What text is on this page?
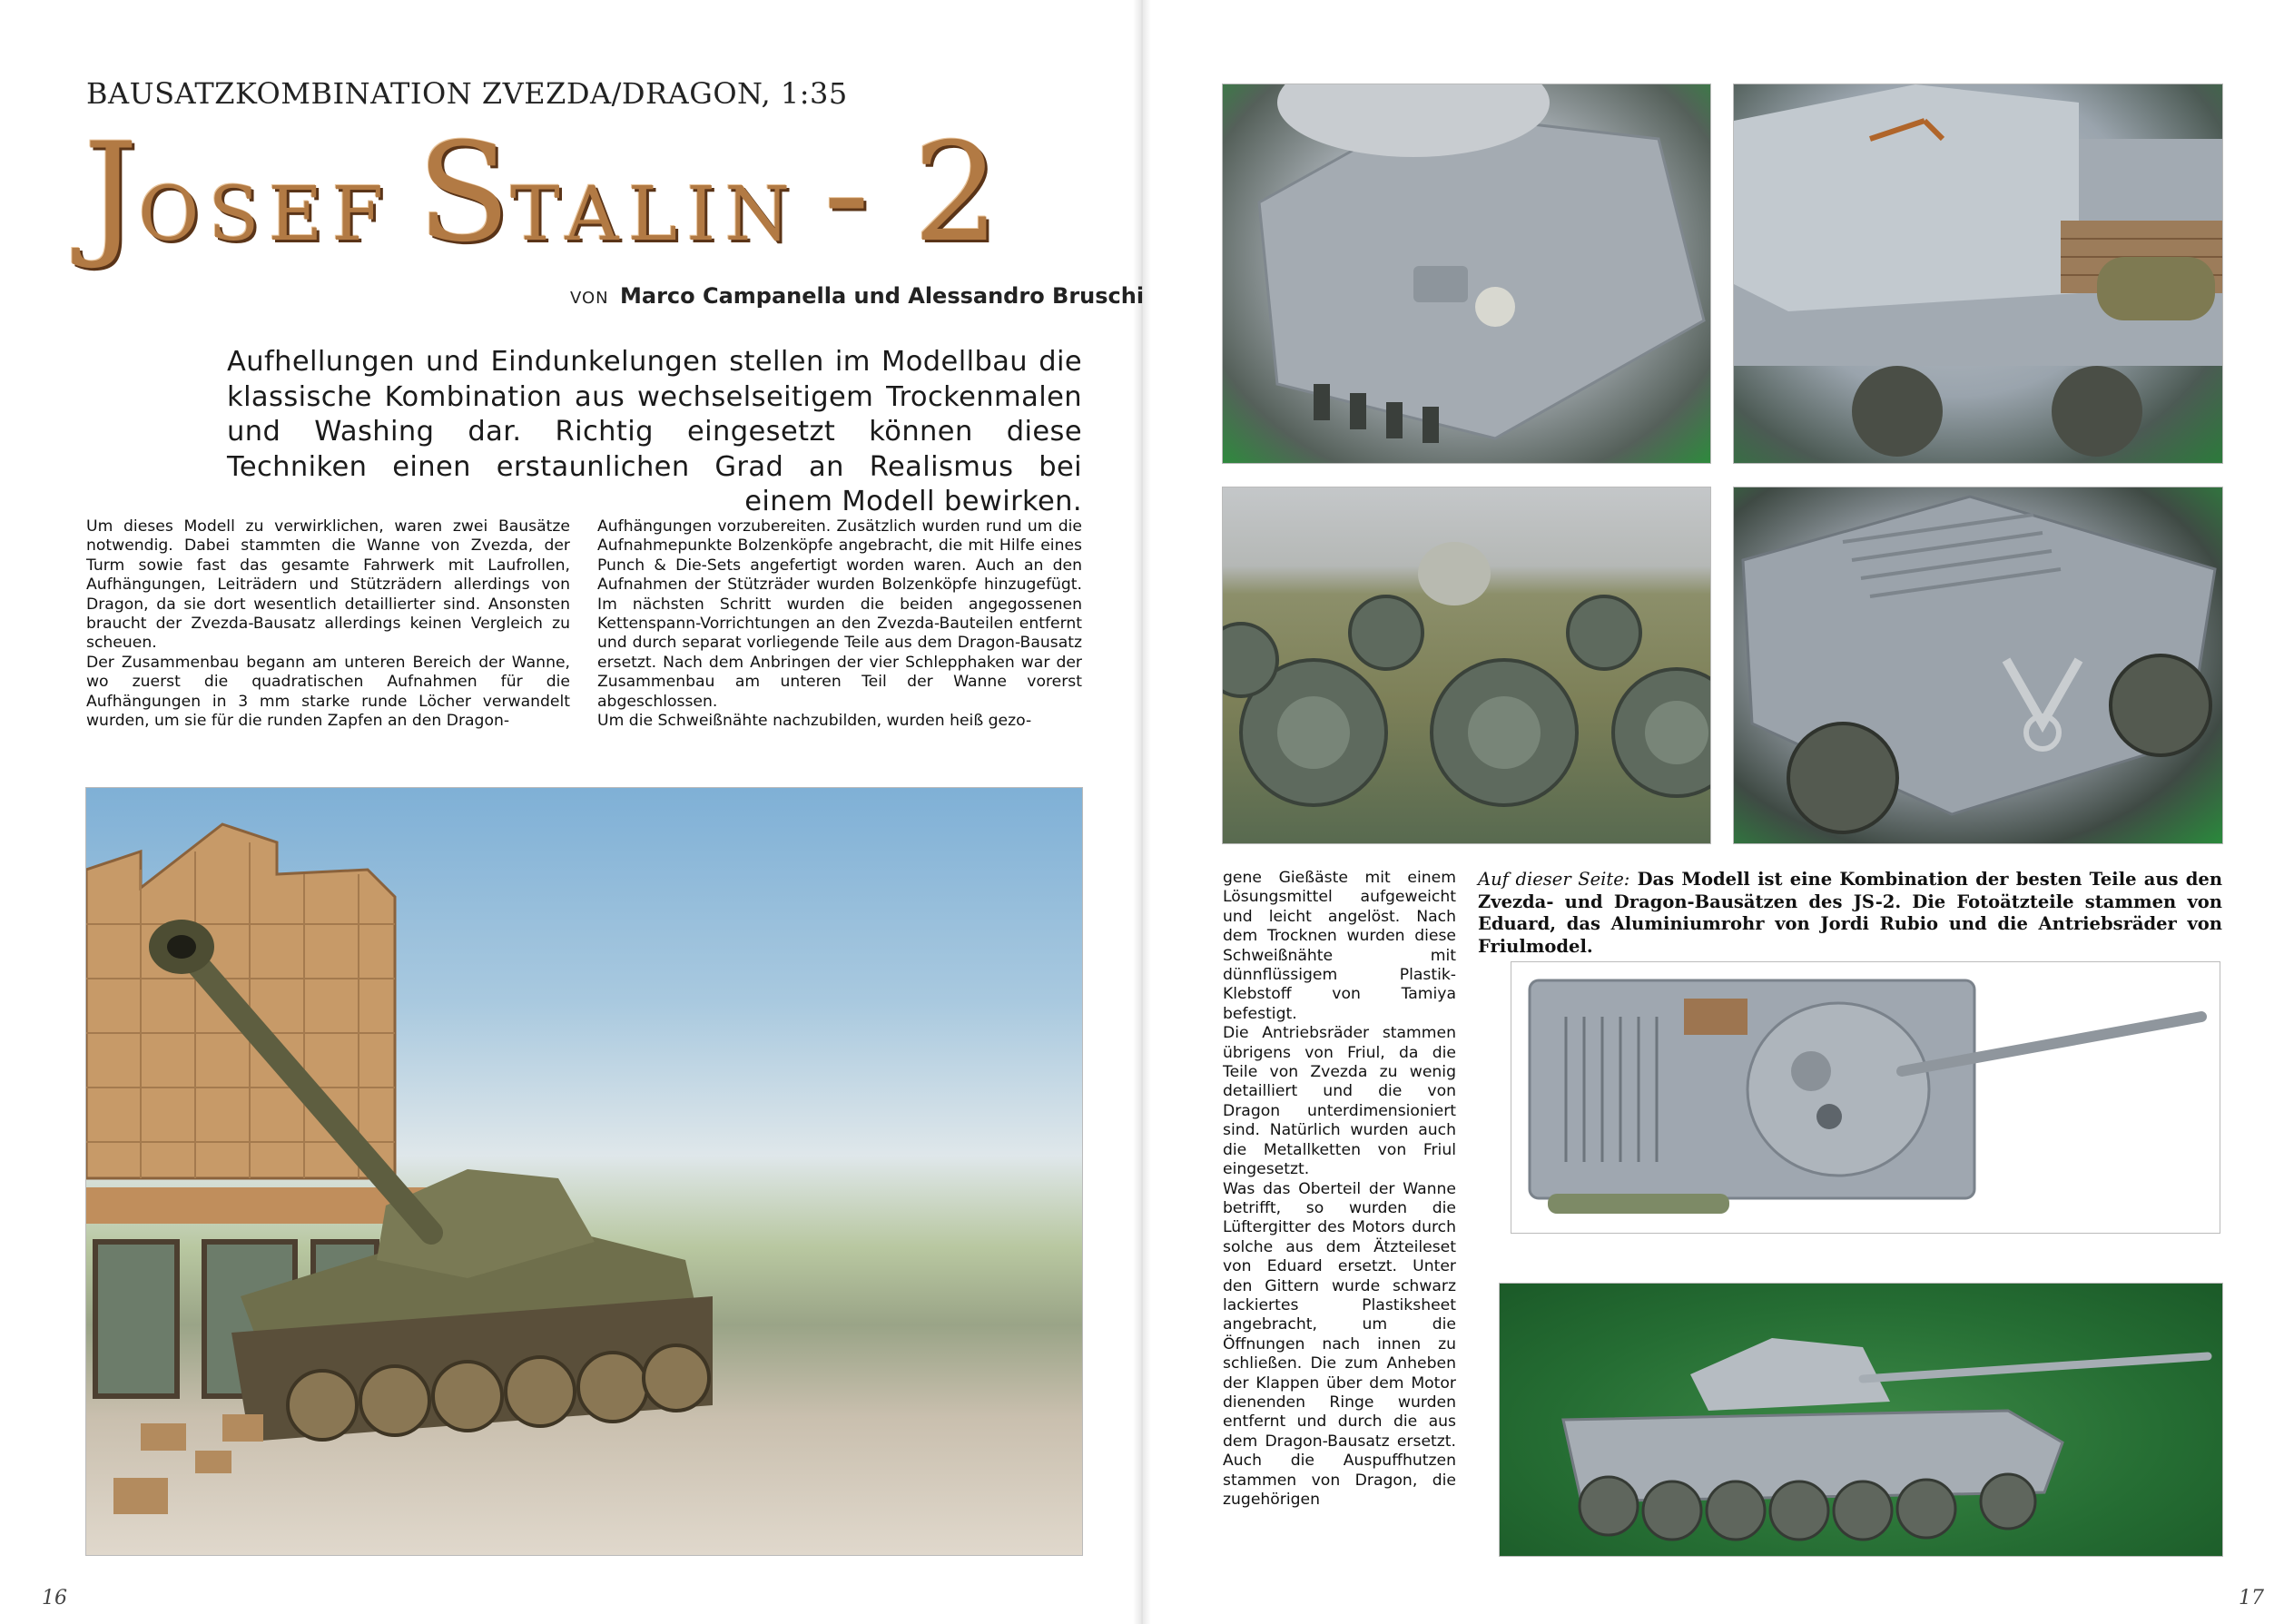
BAUSATZKOMBINATION ZVEZDA/DRAGON, 1:35
JOSEF STALIN - 2
VON Marco Campanella und Alessandro Bruschi
Aufhellungen und Eindunkelungen stellen im Modellbau die klassische Kombination aus wechselseitigem Trockenmalen und Washing dar. Richtig eingesetzt können diese Techniken einen erstaunlichen Grad an Realismus bei einem Modell bewirken.

Um dieses Modell zu verwirklichen, waren zwei Bausätze notwendig. Dabei stammten die Wanne von Zvezda, der Turm sowie fast das gesamte Fahrwerk mit Laufrollen, Aufhängungen, Leiträdern und Stützrädern allerdings von Dragon, da sie dort wesentlich detaillierter sind. Ansonsten braucht der Zvezda-Bausatz allerdings keinen Vergleich zu scheuen.

Der Zusammenbau begann am unteren Bereich der Wanne, wo zuerst die quadratischen Aufnahmen für die Aufhängungen in 3 mm starke runde Löcher verwandelt wurden, um sie für die runden Zapfen an den Dragon-

Aufhängungen vorzubereiten. Zusätzlich wurden rund um die Aufnahmepunkte Bolzenköpfe angebracht, die mit Hilfe eines Punch & Die-Sets angefertigt worden waren. Auch an den Aufnahmen der Stützräder wurden Bolzenköpfe hinzugefügt. Im nächsten Schritt wurden die beiden angegossenen Kettenspann-Vorrichtungen an den Zvezda-Bauteilen entfernt und durch separat vorliegende Teile aus dem Dragon-Bausatz ersetzt. Nach dem Anbringen der vier Schlepphaken war der Zusammenbau am unteren Teil der Wanne vorerst abgeschlossen.

Um die Schweißnähte nachzubilden, wurden heiß gezo-

gene Gießäste mit einem Lösungsmittel aufgeweicht und leicht angelöst. Nach dem Trocknen wurden diese Schweißnähte mit dünnflüssigem Plastik-Klebstoff von Tamiya befestigt.

Die Antriebsräder stammen übrigens von Friul, da die Teile von Zvezda zu wenig detailliert und die von Dragon unterdimensioniert sind. Natürlich wurden auch die Metallketten von Friul eingesetzt.

Was das Oberteil der Wanne betrifft, so wurden die Lüftergitter des Motors durch solche aus dem Ätzteileset von Eduard ersetzt. Unter den Gittern wurde schwarz lackiertes Plastiksheet angebracht, um die Öffnungen nach innen zu schließen. Die zum Anheben der Klappen über dem Motor dienenden Ringe wurden entfernt und durch die aus dem Dragon-Bausatz ersetzt. Auch die Auspuffhutzen stammen von Dragon, die zugehörigen

Auf dieser Seite: Das Modell ist eine Kombination der besten Teile aus den Zvezda- und Dragon-Bausätzen des JS-2. Die Fotoätzteile stammen von Eduard, das Aluminiumrohr von Jordi Rubio und die Antriebsräder von Friulmodel.
16	17
